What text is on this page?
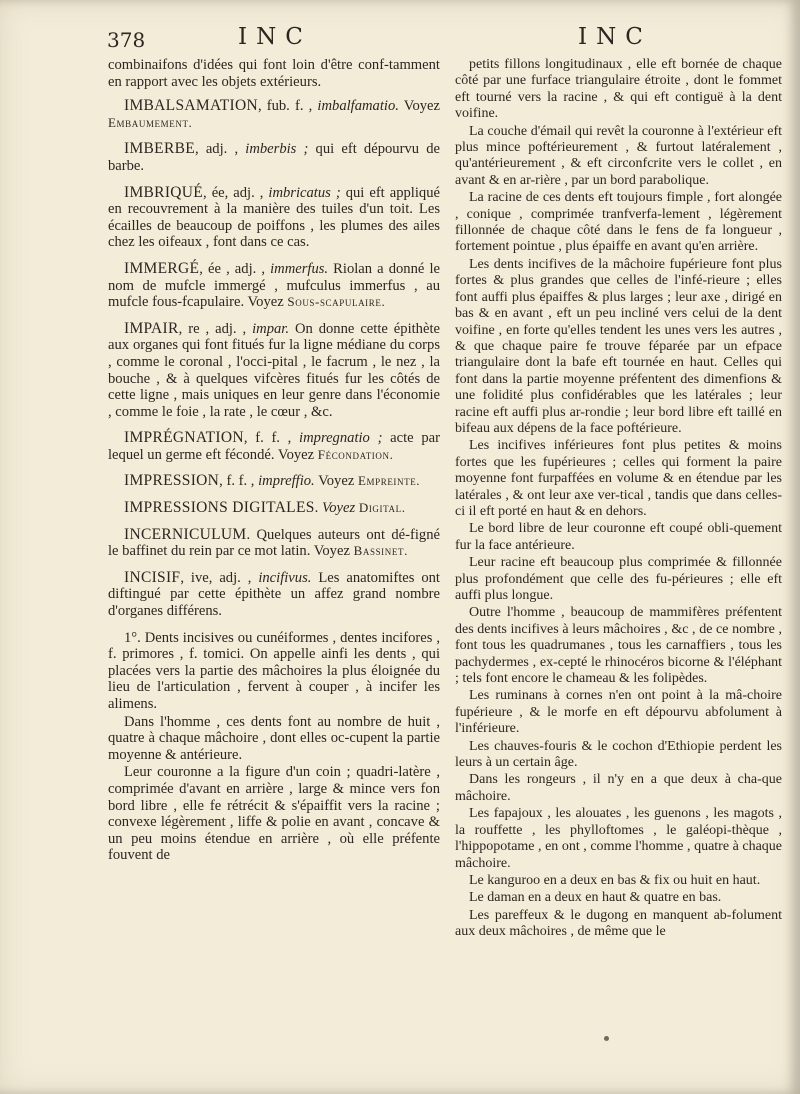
378	INC	INC

combinaifons d'idées qui font loin d'être conf-tamment en rapport avec les objets extérieurs.

IMBALSAMATION, fub. f. , imbalfamatio. Voyez Embaumement.

IMBERBE, adj. , imberbis ; qui eft dépourvu de barbe.

IMBRIQUÉ, ée, adj. , imbricatus ; qui eft appliqué en recouvrement à la manière des tuiles d'un toit. Les écailles de beaucoup de poiffons , les plumes des ailes chez les oifeaux , font dans ce cas.

IMMERGÉ, ée , adj. , immerfus. Riolan a donné le nom de mufcle immergé , mufculus immerfus , au mufcle fous-fcapulaire. Voyez Sous-scapulaire.

IMPAIR, re , adj. , impar. On donne cette épithète aux organes qui font fitués fur la ligne médiane du corps , comme le coronal , l'occi-pital , le facrum , le nez , la bouche , & à quelques vifcères fitués fur les côtés de cette ligne , mais uniques en leur genre dans l'économie , comme le foie , la rate , le cœur , &c.

IMPRÉGNATION, f. f. , impregnatio ; acte par lequel un germe eft fécondé. Voyez Fécondation.

IMPRESSION, f. f. , impreffio. Voyez Empreinte.

IMPRESSIONS DIGITALES. Voyez Digital.

INCERNICULUM. Quelques auteurs ont dé-figné le baffinet du rein par ce mot latin. Voyez Bassinet.

INCISIF, ive, adj. , incifivus. Les anatomiftes ont diftingué par cette épithète un affez grand nombre d'organes différens.

1°. Dents incisives ou cunéiformes , dentes incifores , f. primores , f. tomici. On appelle ainfi les dents , qui placées vers la partie des mâchoires la plus éloignée du lieu de l'articulation , fervent à couper , à incifer les alimens.

Dans l'homme , ces dents font au nombre de huit , quatre à chaque mâchoire , dont elles oc-cupent la partie moyenne & antérieure.

Leur couronne a la figure d'un coin ; quadri-latère , comprimée d'avant en arrière , large & mince vers fon bord libre , elle fe rétrécit & s'épaiffit vers la racine ; convexe légèrement , liffe & polie en avant , concave & un peu moins étendue en arrière , où elle préfente fouvent de

petits fillons longitudinaux , elle eft bornée de chaque côté par une furface triangulaire étroite , dont le fommet eft tourné vers la racine , & qui eft contiguë à la dent voifine.

La couche d'émail qui revêt la couronne à l'extérieur eft plus mince poftérieurement , & furtout latéralement , qu'antérieurement , & eft circonfcrite vers le collet , en avant & en ar-rière , par un bord parabolique.

La racine de ces dents eft toujours fimple , fort alongée , conique , comprimée tranfverfa-lement , légèrement fillonnée de chaque côté dans le fens de fa longueur , fortement pointue , plus épaiffe en avant qu'en arrière.

Les dents incifives de la mâchoire fupérieure font plus fortes & plus grandes que celles de l'infé-rieure ; elles font auffi plus épaiffes & plus larges ; leur axe , dirigé en bas & en avant , eft un peu incliné vers celui de la dent voifine , en forte qu'elles tendent les unes vers les autres , & que chaque paire fe trouve féparée par un efpace triangulaire dont la bafe eft tournée en haut. Celles qui font dans la partie moyenne préfentent des dimenfions & une folidité plus confidérables que les latérales ; leur racine eft auffi plus ar-rondie ; leur bord libre eft taillé en bifeau aux dépens de la face poftérieure.

Les incifives inférieures font plus petites & moins fortes que les fupérieures ; celles qui forment la paire moyenne font furpaffées en volume & en étendue par les latérales , & ont leur axe ver-tical , tandis que dans celles-ci il eft porté en haut & en dehors.

Le bord libre de leur couronne eft coupé obli-quement fur la face antérieure.

Leur racine eft beaucoup plus comprimée & fillonnée plus profondément que celle des fu-périeures ; elle eft auffi plus longue.

Outre l'homme , beaucoup de mammifères préfentent des dents incifives à leurs mâchoires , &c , de ce nombre , font tous les quadrumanes , tous les carnaffiers , tous les pachydermes , ex-cepté le rhinocéros bicorne & l'éléphant ; tels font encore le chameau & les folipèdes.

Les ruminans à cornes n'en ont point à la mâ-choire fupérieure , & le morfe en eft dépourvu abfolument à l'inférieure.

Les chauves-fouris & le cochon d'Ethiopie perdent les leurs à un certain âge.

Dans les rongeurs , il n'y en a que deux à cha-que mâchoire.

Les fapajoux , les alouates , les guenons , les magots , la rouffette , les phylloftomes , le galéopi-thèque , l'hippopotame , en ont , comme l'homme , quatre à chaque mâchoire.

Le kanguroo en a deux en bas & fix ou huit en haut.

Le daman en a deux en haut & quatre en bas.

Les pareffeux & le dugong en manquent ab-folument aux deux mâchoires , de même que le
